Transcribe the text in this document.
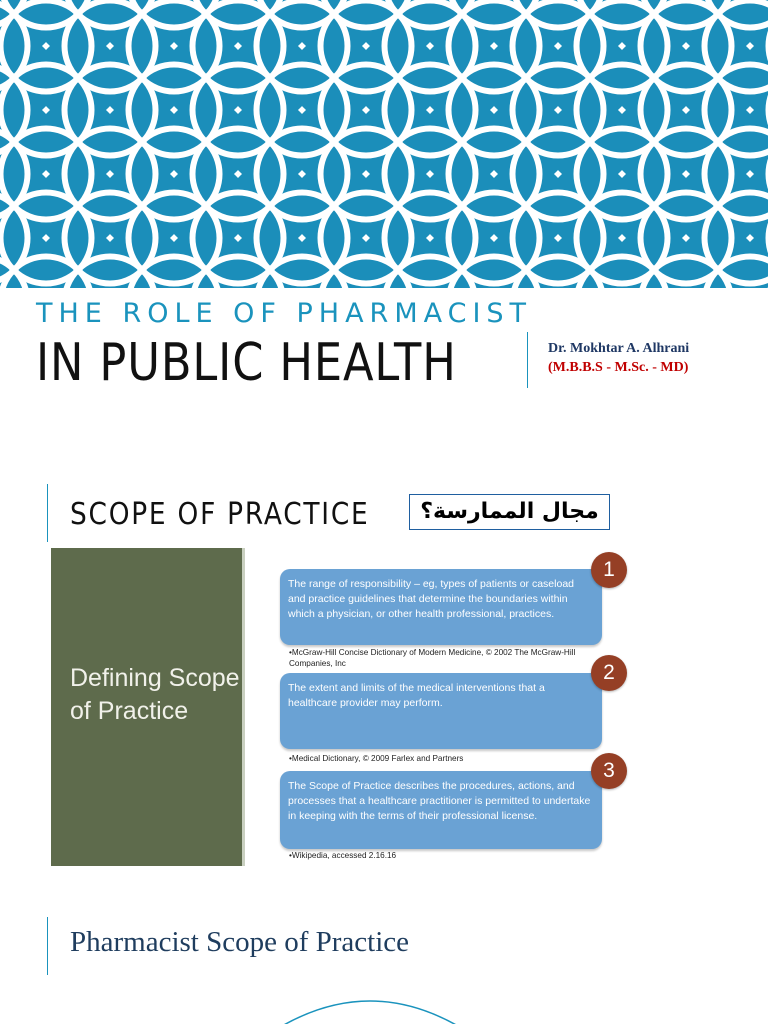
THE ROLE OF PHARMACIST
IN PUBLIC HEALTH	Dr. Mokhtar A. Alhrani
(M.B.B.S - M.Sc. - MD)
SCOPE OF PRACTICE	مجال الممارسة؟
Defining Scope of Practice
The range of responsibility – eg, types of patients or caseload and practice guidelines that determine the boundaries within which a physician, or other health professional, practices.
1
•McGraw-Hill Concise Dictionary of Modern Medicine, © 2002 The McGraw-Hill Companies, Inc
The extent and limits of the medical interventions that a healthcare provider may perform.
2
•Medical Dictionary, © 2009 Farlex and Partners
The Scope of Practice describes the procedures, actions, and processes that a healthcare practitioner is permitted to undertake in keeping with the terms of their professional license.
3
•Wikipedia, accessed 2.16.16
Pharmacist Scope of Practice
